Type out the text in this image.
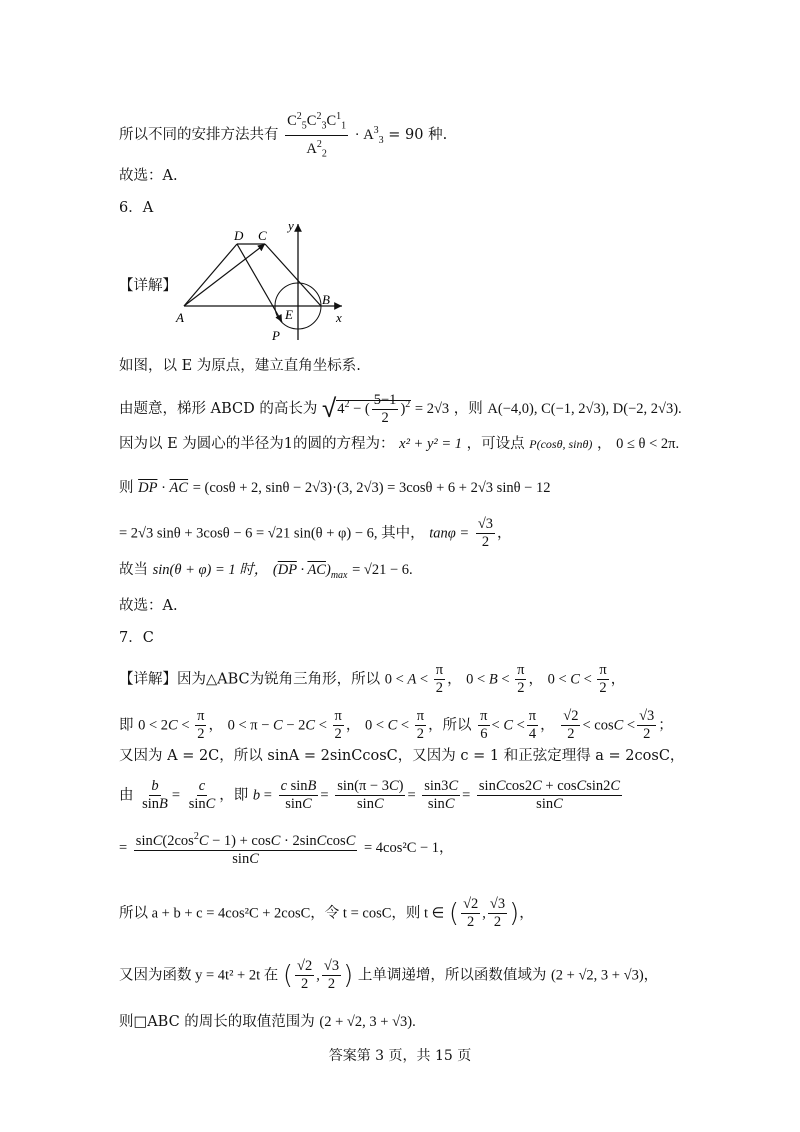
所以不同的安排方法共有 $\frac{C^2_5C^2_3C^1_1}{A^2_2} \cdot A^3_3 = 90$ 种.
故选：A.
6．A
【详解】
D C
y
A
B
E	x
P
如图，以 E 为原点，建立直角坐标系.
由题意，梯形 ABCD 的高长为 $√4^2$ − ( $\frac{5-1}{2} )^2 = 2√3$ ，则 A(−4,0), C(−1, 2√3), D(−2, 2√3).
因为以 E 为圆心的半径为1的圆的方程为： x² + y² = 1 ，可设点 P(cosθ, sinθ) ， 0 ≤ θ < 2π.
则 $\overline{DP} \cdot \overline{AC} = (\cos\theta + 2$, sinθ − 2√3)·(3, 2√3) = 3cosθ + 6 + 2√3 sinθ − 12
= 2√3 sinθ + 3cosθ − 6 = √21 sin(θ + φ) − 6, 其中， $\tan\varphi = \frac{√3}{2}$ ，
故当 sin(θ + φ) = 1 时， $(\overline{DP} \cdot \overline{AC})_{max} = √21 - 6$.
故选：A.
7．C
【详解】因为△ABC为锐角三角形，所以 $0 < A < \frac{\pi}{2}$ ， $0 < B < \frac{\pi}{2}$ ， $0 < C < \frac{\pi}{2}$ ，
即 $0 < 2C < \frac{\pi}{2}$ ， $0 < \pi - C - 2C < \frac{\pi}{2}$ ， $0 < C < \frac{\pi}{2}$ ，所以 $\frac{\pi}{6} < C < \frac{\pi}{4}$ ， $\frac{√2}{2} < \cos C < \frac{√3}{2}$ ；
又因为 A = 2C，所以 sinA = 2sinCcosC，又因为 c = 1 和正弦定理得 a = 2cosC，
由 $\frac{b}{\sin B} = \frac{c}{\sin C}$ ，即 $b = \frac{\text{c sinB}}{\sin C} = \frac{\sin(\pi - 3C)}{\sin C} = \frac{\sin 3C}{\sin C} = \frac{\text{sinCcos2C + cosCsin2C}}{\sin C}$
= $\frac{\sin C(2\cos^2C - 1) + \cos C \cdot 2sinCcosC}{\sin C} = 4\cos^2C - 1$，
所以 a + b + c = 4cos²C + 2cosC，令 t = cosC，则 t ∈ ( $\frac{√2}{2}$ , $\frac{√3}{2}$ )，
又因为函数 y = 4t² + 2t 在 ( $\frac{√2}{2}$ , $\frac{√3}{2}$ ) 上单调递增，所以函数值域为 (2 + √2, 3 + √3)，
则□ABC 的周长的取值范围为 (2 + √2, 3 + √3).
答案第 3 页，共 15 页
